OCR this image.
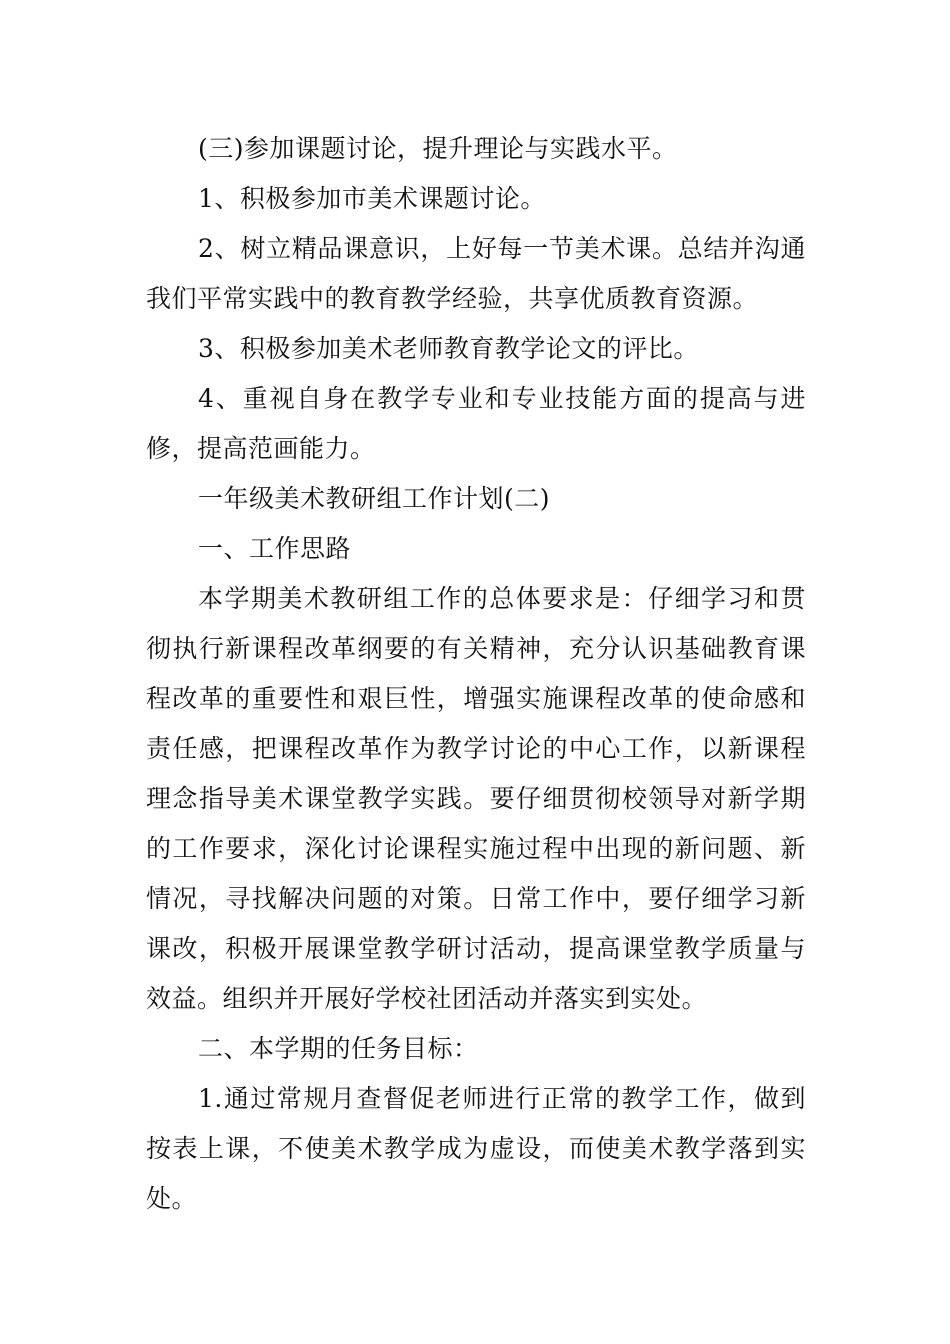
(三)参加课题讨论，提升理论与实践水平。

1、积极参加市美术课题讨论。

2、树立精品课意识，上好每一节美术课。总结并沟通我们平常实践中的教育教学经验，共享优质教育资源。

3、积极参加美术老师教育教学论文的评比。

4、重视自身在教学专业和专业技能方面的提高与进修，提高范画能力。

一年级美术教研组工作计划(二)

一、工作思路

本学期美术教研组工作的总体要求是：仔细学习和贯彻执行新课程改革纲要的有关精神，充分认识基础教育课程改革的重要性和艰巨性，增强实施课程改革的使命感和责任感，把课程改革作为教学讨论的中心工作，以新课程理念指导美术课堂教学实践。要仔细贯彻校领导对新学期的工作要求，深化讨论课程实施过程中出现的新问题、新情况，寻找解决问题的对策。日常工作中，要仔细学习新课改，积极开展课堂教学研讨活动，提高课堂教学质量与效益。组织并开展好学校社团活动并落实到实处。

二、本学期的任务目标：

1.通过常规月查督促老师进行正常的教学工作，做到按表上课，不使美术教学成为虚设，而使美术教学落到实处。
